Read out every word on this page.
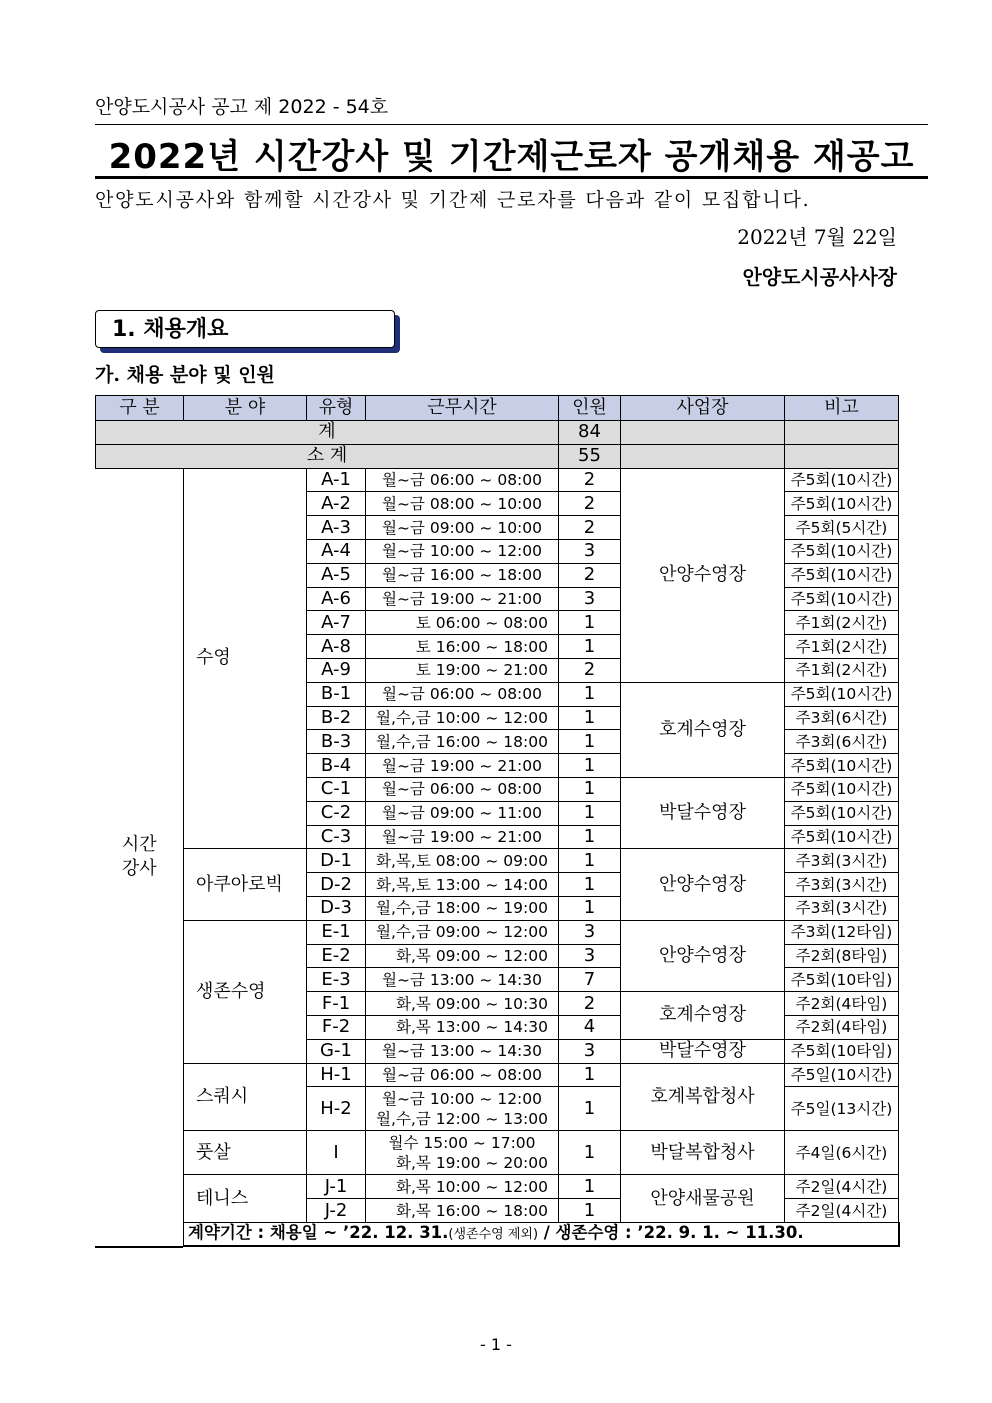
안양도시공사 공고 제 2022 - 54호
2022년 시간강사 및 기간제근로자 공개채용 재공고
안양도시공사와 함께할 시간강사 및 기간제 근로자를 다음과 같이 모집합니다.
2022년 7월 22일
안양도시공사사장
1. 채용개요
가. 채용 분야 및 인원
구 분	분 야	유형	근무시간	인원	사업장	비고
계				84		
소 계				55		
시간
강사	수영	A-1	월~금 06:00 ~ 08:00	2	안양수영장	주5회(10시간)
		A-2	월~금 08:00 ~ 10:00	2		주5회(10시간)
		A-3	월~금 09:00 ~ 10:00	2		주5회(5시간)
		A-4	월~금 10:00 ~ 12:00	3		주5회(10시간)
		A-5	월~금 16:00 ~ 18:00	2		주5회(10시간)
		A-6	월~금 19:00 ~ 21:00	3		주5회(10시간)
		A-7	토 06:00 ~ 08:00	1		주1회(2시간)
		A-8	토 16:00 ~ 18:00	1		주1회(2시간)
		A-9	토 19:00 ~ 21:00	2		주1회(2시간)
		B-1	월~금 06:00 ~ 08:00	1	호계수영장	주5회(10시간)
		B-2	월,수,금 10:00 ~ 12:00	1		주3회(6시간)
		B-3	월,수,금 16:00 ~ 18:00	1		주3회(6시간)
		B-4	월~금 19:00 ~ 21:00	1		주5회(10시간)
		C-1	월~금 06:00 ~ 08:00	1	박달수영장	주5회(10시간)
		C-2	월~금 09:00 ~ 11:00	1		주5회(10시간)
		C-3	월~금 19:00 ~ 21:00	1		주5회(10시간)
	아쿠아로빅	D-1	화,목,토 08:00 ~ 09:00	1	안양수영장	주3회(3시간)
		D-2	화,목,토 13:00 ~ 14:00	1		주3회(3시간)
		D-3	월,수,금 18:00 ~ 19:00	1		주3회(3시간)
	생존수영	E-1	월,수,금 09:00 ~ 12:00	3	안양수영장	주3회(12타임)
		E-2	화,목 09:00 ~ 12:00	3		주2회(8타임)
		E-3	월~금 13:00 ~ 14:30	7		주5회(10타임)
		F-1	화,목 09:00 ~ 10:30	2	호계수영장	주2회(4타임)
		F-2	화,목 13:00 ~ 14:30	4		주2회(4타임)
		G-1	월~금 13:00 ~ 14:30	3	박달수영장	주5회(10타임)
	스쿼시	H-1	월~금 06:00 ~ 08:00	1	호계복합청사	주5일(10시간)
		H-2	월~금 10:00 ~ 12:00
월,수,금 12:00 ~ 13:00	1		주5일(13시간)
	풋살	I	월수 15:00 ~ 17:00
화,목 19:00 ~ 20:00	1	박달복합청사	주4일(6시간)
	테니스	J-1	화,목 10:00 ~ 12:00	1	안양새물공원	주2일(4시간)
		J-2	화,목 16:00 ~ 18:00	1		주2일(4시간)
	계약기간 : 채용일 ~ ’22. 12. 31.(생존수영 제외) / 생존수영 : ’22. 9. 1. ~ 11.30.					
- 1 -
